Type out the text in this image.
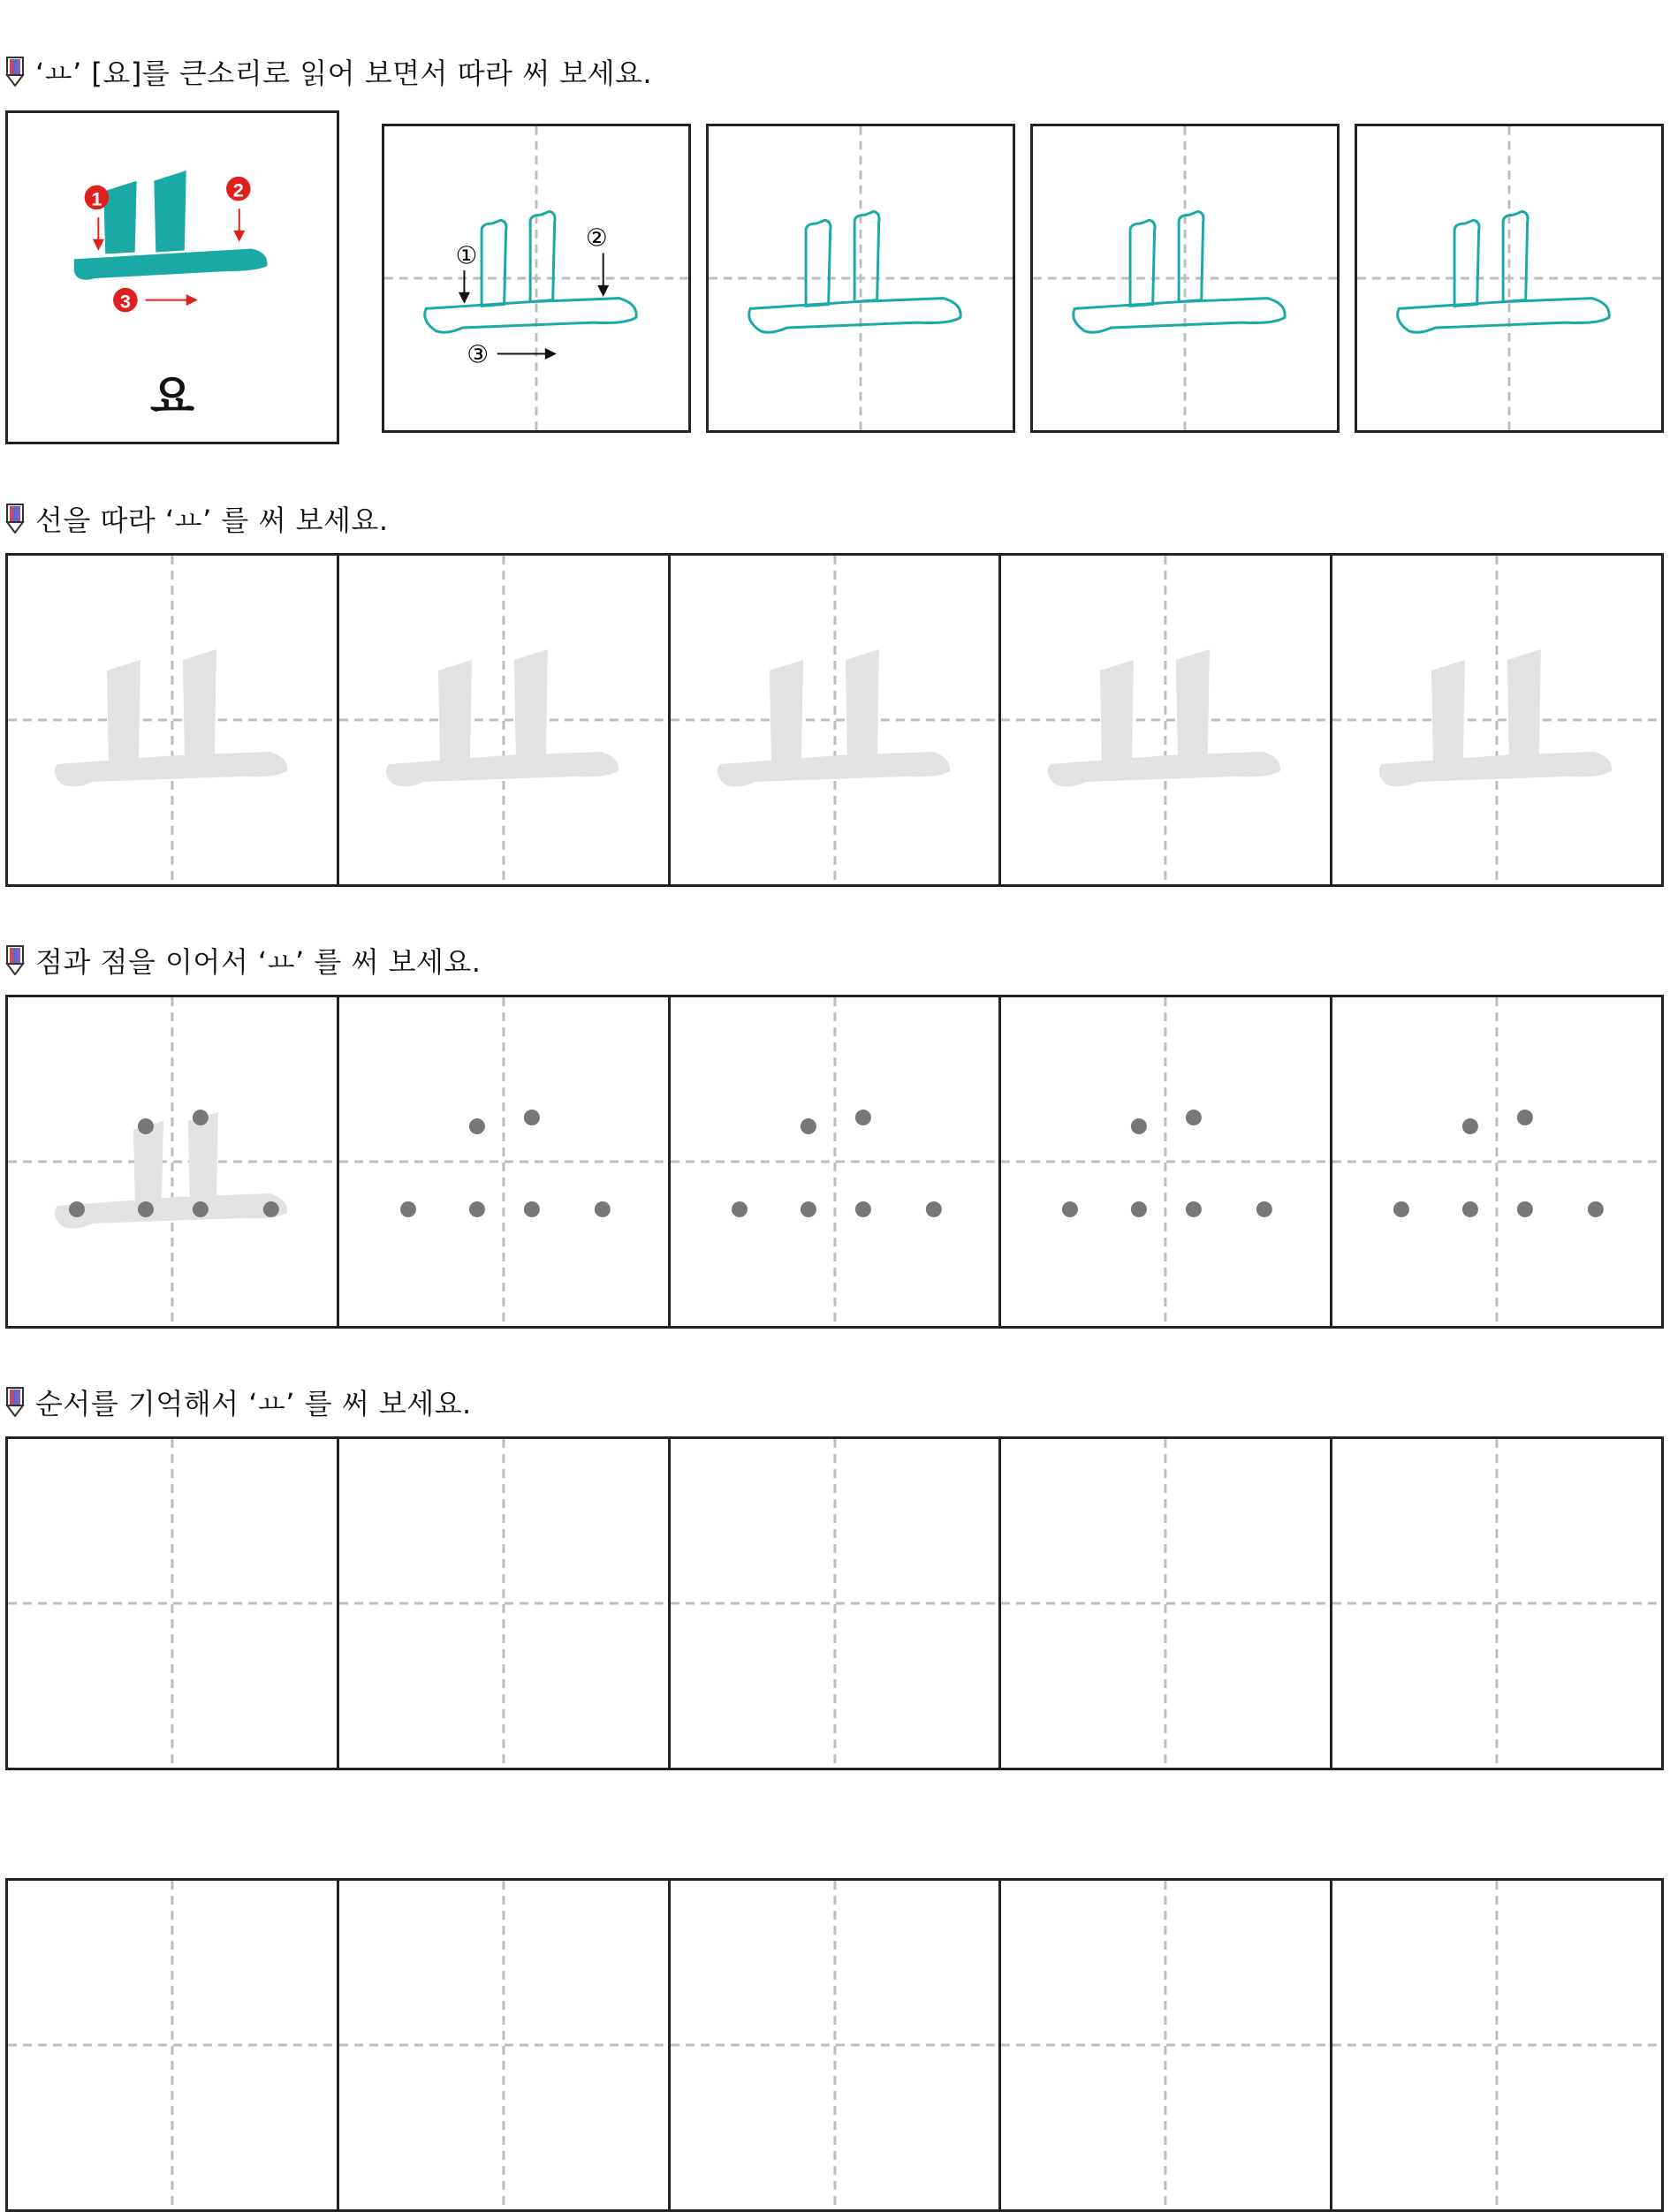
‘ㅛ’ [요]를 큰소리로 읽어 보면서 따라 써 보세요.
1	2
3
요
①
②
③
선을 따라 ‘ㅛ’ 를 써 보세요.
점과 점을 이어서 ‘ㅛ’ 를 써 보세요.
순서를 기억해서 ‘ㅛ’ 를 써 보세요.
